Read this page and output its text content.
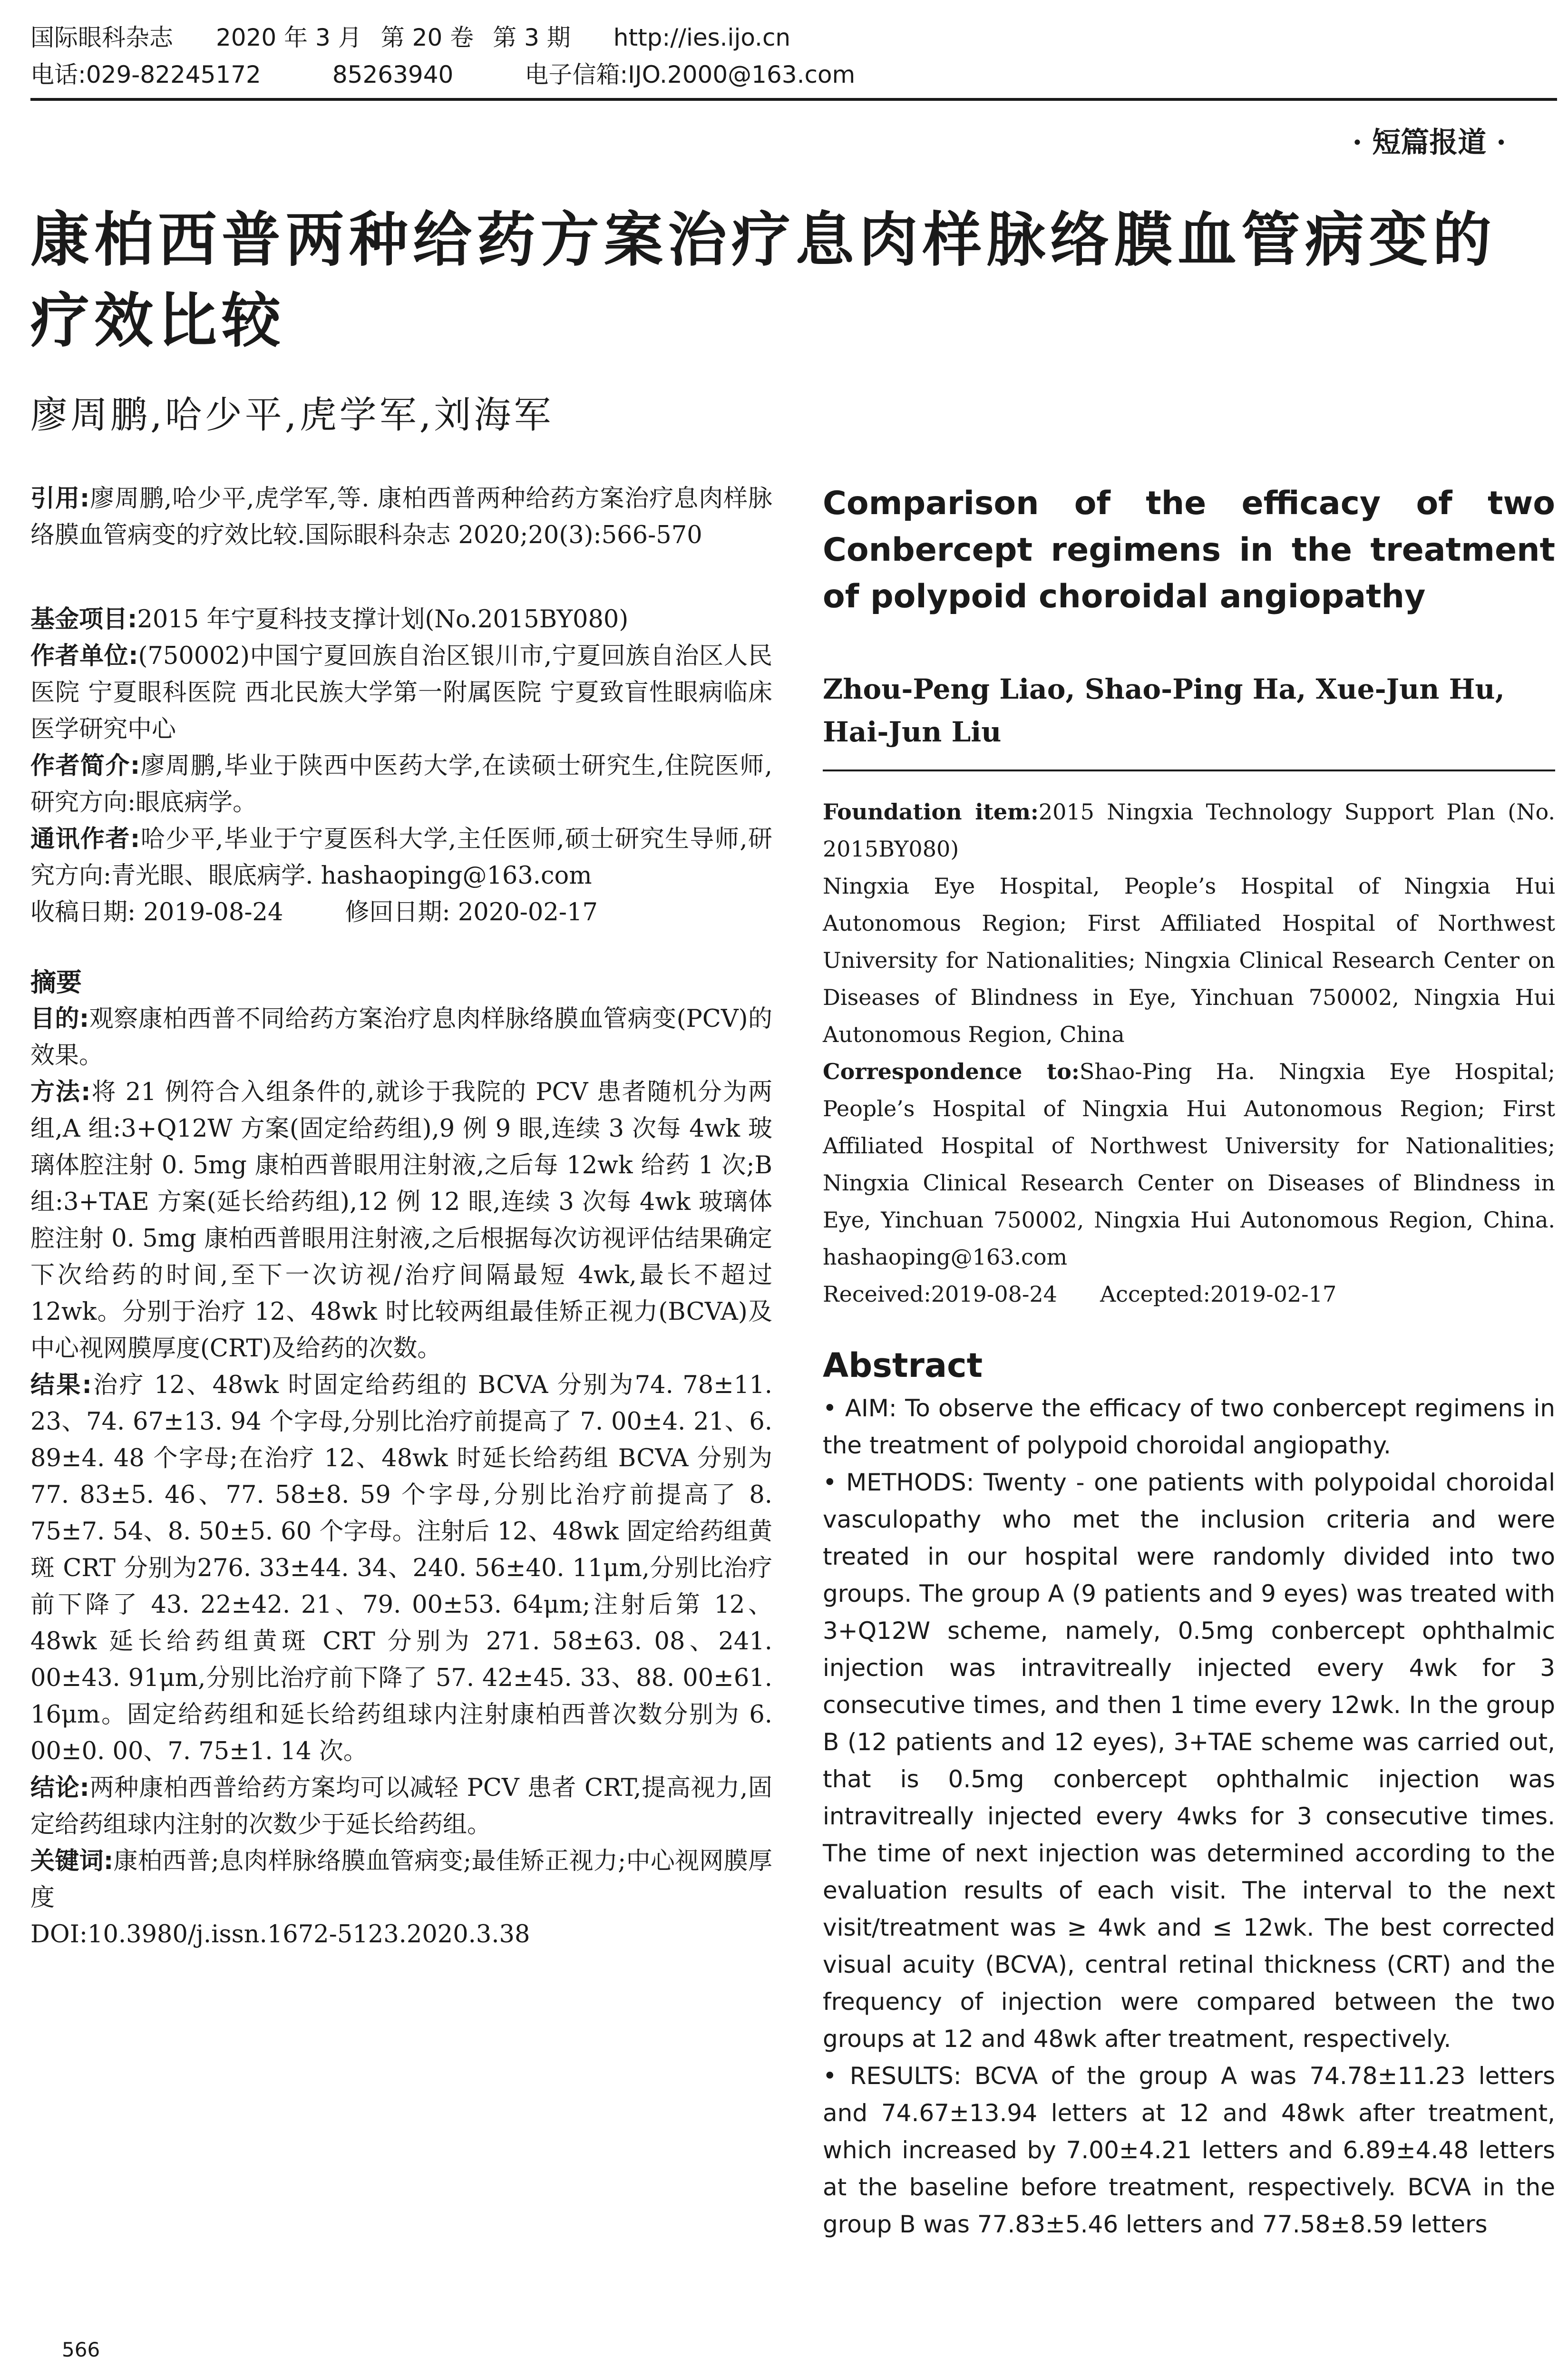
国际眼科杂志 2020 年 3 月 第 20 卷 第 3 期 http://ies.ijo.cn
电话:029-82245172	85263940	电子信箱:IJO.2000@163.com
· 短篇报道 ·
康柏西普两种给药方案治疗息肉样脉络膜血管病变的疗效比较
廖周鹏,哈少平,虎学军,刘海军

引用:廖周鹏,哈少平,虎学军,等. 康柏西普两种给药方案治疗息肉样脉络膜血管病变的疗效比较.国际眼科杂志 2020;20(3):566-570

基金项目:2015 年宁夏科技支撑计划(No.2015BY080)

作者单位:(750002)中国宁夏回族自治区银川市,宁夏回族自治区人民医院 宁夏眼科医院 西北民族大学第一附属医院 宁夏致盲性眼病临床医学研究中心

作者简介:廖周鹏,毕业于陕西中医药大学,在读硕士研究生,住院医师,研究方向:眼底病学。

通讯作者:哈少平,毕业于宁夏医科大学,主任医师,硕士研究生导师,研究方向:青光眼、眼底病学. hashaoping@163.com

收稿日期: 2019-08-24	修回日期: 2020-02-17

摘要

目的:观察康柏西普不同给药方案治疗息肉样脉络膜血管病变(PCV)的效果。

方法:将 21 例符合入组条件的,就诊于我院的 PCV 患者随机分为两组,A 组:3+Q12W 方案(固定给药组),9 例 9 眼,连续 3 次每 4wk 玻璃体腔注射 0. 5mg 康柏西普眼用注射液,之后每 12wk 给药 1 次;B 组:3+TAE 方案(延长给药组),12 例 12 眼,连续 3 次每 4wk 玻璃体腔注射 0. 5mg 康柏西普眼用注射液,之后根据每次访视评估结果确定下次给药的时间,至下一次访视/治疗间隔最短 4wk,最长不超过 12wk。分别于治疗 12、48wk 时比较两组最佳矫正视力(BCVA)及中心视网膜厚度(CRT)及给药的次数。

结果:治疗 12、48wk 时固定给药组的 BCVA 分别为74. 78±11. 23、74. 67±13. 94 个字母,分别比治疗前提高了 7. 00±4. 21、6. 89±4. 48 个字母;在治疗 12、48wk 时延长给药组 BCVA 分别为 77. 83±5. 46、77. 58±8. 59 个字母,分别比治疗前提高了 8. 75±7. 54、8. 50±5. 60 个字母。注射后 12、48wk 固定给药组黄斑 CRT 分别为276. 33±44. 34、240. 56±40. 11μm,分别比治疗前下降了 43. 22±42. 21、79. 00±53. 64μm;注射后第 12、48wk 延长给药组黄斑 CRT 分别为 271. 58±63. 08、241. 00±43. 91μm,分别比治疗前下降了 57. 42±45. 33、88. 00±61. 16μm。固定给药组和延长给药组球内注射康柏西普次数分别为 6. 00±0. 00、7. 75±1. 14 次。

结论:两种康柏西普给药方案均可以减轻 PCV 患者 CRT,提高视力,固定给药组球内注射的次数少于延长给药组。

关键词:康柏西普;息肉样脉络膜血管病变;最佳矫正视力;中心视网膜厚度

DOI:10.3980/j.issn.1672-5123.2020.3.38

Comparison of the efficacy of two Conbercept regimens in the treatment of polypoid choroidal angiopathy
Zhou-Peng Liao, Shao-Ping Ha, Xue-Jun Hu, Hai-Jun Liu

Foundation item:2015 Ningxia Technology Support Plan (No. 2015BY080)

Ningxia Eye Hospital, People’s Hospital of Ningxia Hui Autonomous Region; First Affiliated Hospital of Northwest University for Nationalities; Ningxia Clinical Research Center on Diseases of Blindness in Eye, Yinchuan 750002, Ningxia Hui Autonomous Region, China

Correspondence to:Shao-Ping Ha. Ningxia Eye Hospital; People’s Hospital of Ningxia Hui Autonomous Region; First Affiliated Hospital of Northwest University for Nationalities; Ningxia Clinical Research Center on Diseases of Blindness in Eye, Yinchuan 750002, Ningxia Hui Autonomous Region, China. hashaoping@163.com

Received:2019-08-24 Accepted:2019-02-17

Abstract

• AIM: To observe the efficacy of two conbercept regimens in the treatment of polypoid choroidal angiopathy.

• METHODS: Twenty - one patients with polypoidal choroidal vasculopathy who met the inclusion criteria and were treated in our hospital were randomly divided into two groups. The group A (9 patients and 9 eyes) was treated with 3+Q12W scheme, namely, 0.5mg conbercept ophthalmic injection was intravitreally injected every 4wk for 3 consecutive times, and then 1 time every 12wk. In the group B (12 patients and 12 eyes), 3+TAE scheme was carried out, that is 0.5mg conbercept ophthalmic injection was intravitreally injected every 4wks for 3 consecutive times. The time of next injection was determined according to the evaluation results of each visit. The interval to the next visit/treatment was ≥ 4wk and ≤ 12wk. The best corrected visual acuity (BCVA), central retinal thickness (CRT) and the frequency of injection were compared between the two groups at 12 and 48wk after treatment, respectively.

• RESULTS: BCVA of the group A was 74.78±11.23 letters and 74.67±13.94 letters at 12 and 48wk after treatment, which increased by 7.00±4.21 letters and 6.89±4.48 letters at the baseline before treatment, respectively. BCVA in the group B was 77.83±5.46 letters and 77.58±8.59 letters

566
